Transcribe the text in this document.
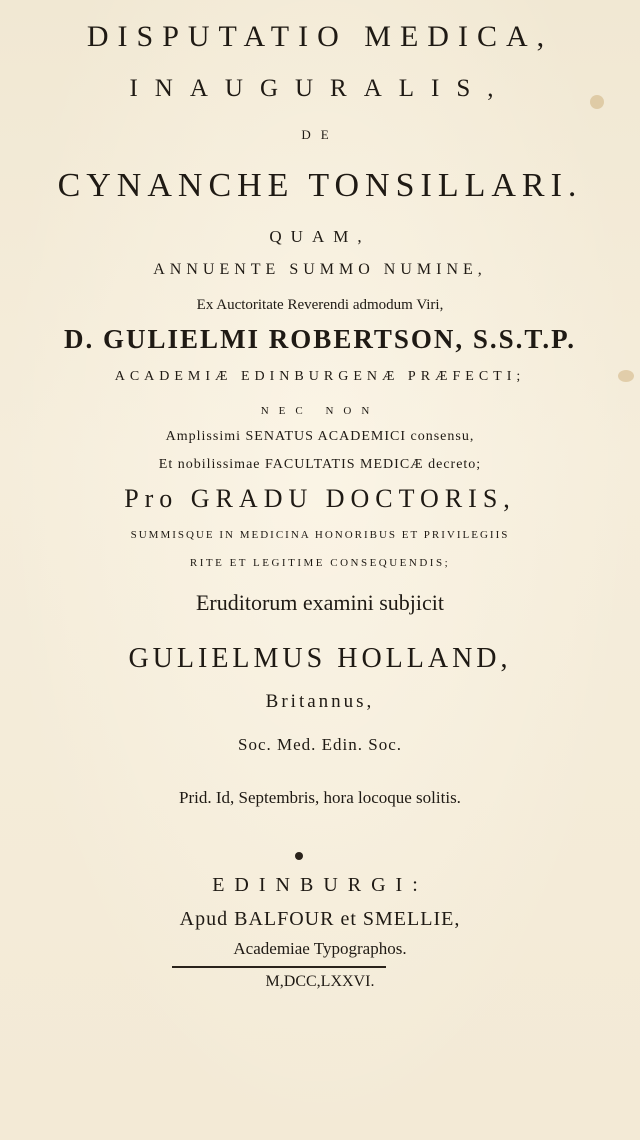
DISPUTATIO MEDICA,
INAUGURALIS,
DE
CYNANCHE TONSILLARI.
QUAM,
ANNUENTE SUMMO NUMINE,
Ex Auctoritate Reverendi admodum Viri,
D. GULIELMI ROBERTSON, S.S.T.P.
ACADEMIÆ EDINBURGENÆ PRÆFECTI;
NEC NON
Amplissimi SENATUS ACADEMICI consensu,
Et nobilissimae FACULTATIS MEDICÆ decreto;
Pro GRADU DOCTORIS,
SUMMISQUE IN MEDICINA HONORIBUS ET PRIVILEGIIS
RITE ET LEGITIME CONSEQUENDIS;
Eruditorum examini subjicit
GULIELMUS HOLLAND,
Britannus,
Soc. Med. Edin. Soc.
Prid. Id, Septembris, hora locoque solitis.
EDINBURGI:
Apud BALFOUR et SMELLIE,
Academiae Typographos.
M,DCC,LXXVI.
